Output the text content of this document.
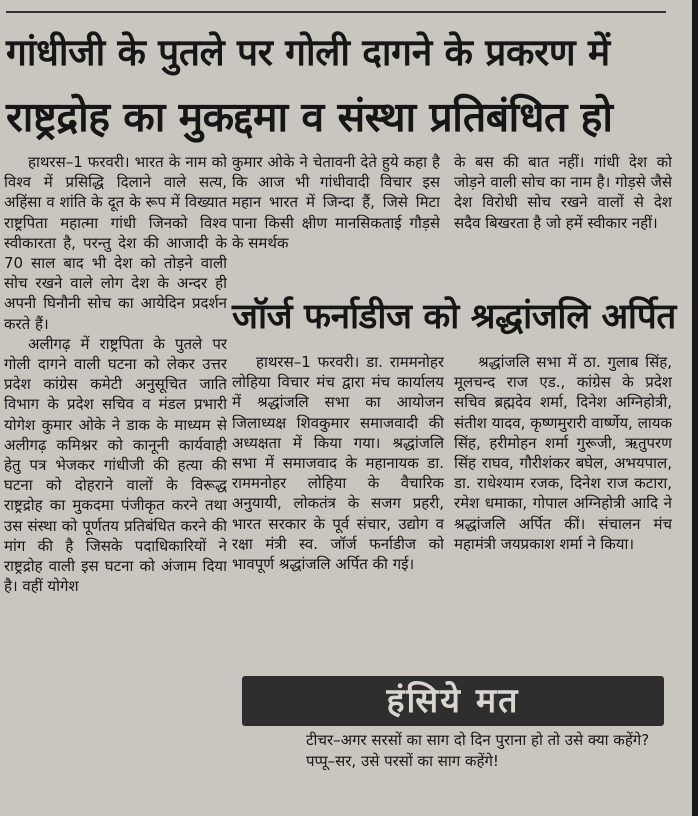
गांधीजी के पुतले पर गोली दागने के प्रकरण में
राष्ट्रद्रोह का मुकद्दमा व संस्था प्रतिबंधित हो

हाथरस–1 फरवरी। भारत के नाम को विश्व में प्रसिद्धि दिलाने वाले सत्य, अहिंसा व शांति के दूत के रूप में विख्यात राष्ट्रपिता महात्मा गांधी जिनको विश्व स्वीकारता है, परन्तु देश की आजादी के 70 साल बाद भी देश को तोड़ने वाली सोच रखने वाले लोग देश के अन्दर ही अपनी घिनौनी सोच का आयेदिन प्रदर्शन करते हैं।

अलीगढ़ में राष्ट्रपिता के पुतले पर गोली दागने वाली घटना को लेकर उत्तर प्रदेश कांग्रेस कमेटी अनुसूचित जाति विभाग के प्रदेश सचिव व मंडल प्रभारी योगेश कुमार ओके ने डाक के माध्यम से अलीगढ़ कमिश्नर को कानूनी कार्यवाही हेतु पत्र भेजकर गांधीजी की हत्या की घटना को दोहराने वालों के विरूद्ध राष्ट्रद्रोह का मुकदमा पंजीकृत करने तथा उस संस्था को पूर्णतय प्रतिबंधित करने की मांग की है जिसके पदाधिकारियों ने राष्ट्रद्रोह वाली इस घटना को अंजाम दिया है। वहीं योगेश

कुमार ओके ने चेतावनी देते हुये कहा है कि आज भी गांधीवादी विचार इस महान भारत में जिन्दा हैं, जिसे मिटा पाना किसी क्षीण मानसिकताई गौड़से के समर्थक

के बस की बात नहीं। गांधी देश को जोड़ने वाली सोच का नाम है। गोड़से जैसे देश विरोधी सोच रखने वालों से देश सदैव बिखरता है जो हमें स्वीकार नहीं।

जॉर्ज फर्नाडीज को श्रद्धांजलि अर्पित

हाथरस–1 फरवरी। डा. राममनोहर लोहिया विचार मंच द्वारा मंच कार्यालय में श्रद्धांजलि सभा का आयोजन जिलाध्यक्ष शिवकुमार समाजवादी की अध्यक्षता में किया गया। श्रद्धांजलि सभा में समाजवाद के महानायक डा. राममनोहर लोहिया के वैचारिक अनुयायी, लोकतंत्र के सजग प्रहरी, भारत सरकार के पूर्व संचार, उद्योग व रक्षा मंत्री स्व. जॉर्ज फर्नाडीज को भावपूर्ण श्रद्धांजलि अर्पित की गई।

श्रद्धांजलि सभा में ठा. गुलाब सिंह, मूलचन्द राज एड., कांग्रेस के प्रदेश सचिव ब्रह्मदेव शर्मा, दिनेश अग्निहोत्री, संतीश यादव, कृष्णमुरारी वार्ष्णेय, लायक सिंह, हरीमोहन शर्मा गुरूजी, ऋतुपरण सिंह राघव, गौरीशंकर बघेल, अभयपाल, डा. राधेश्याम रजक, दिनेश राज कटारा, रमेश धमाका, गोपाल अग्निहोत्री आदि ने श्रद्धांजलि अर्पित कीं। संचालन मंच महामंत्री जयप्रकाश शर्मा ने किया।

हंसिये मत

टीचर–अगर सरसों का साग दो दिन पुराना हो तो उसे क्या कहेंगे?

पप्पू–सर, उसे परसों का साग कहेंगे!
